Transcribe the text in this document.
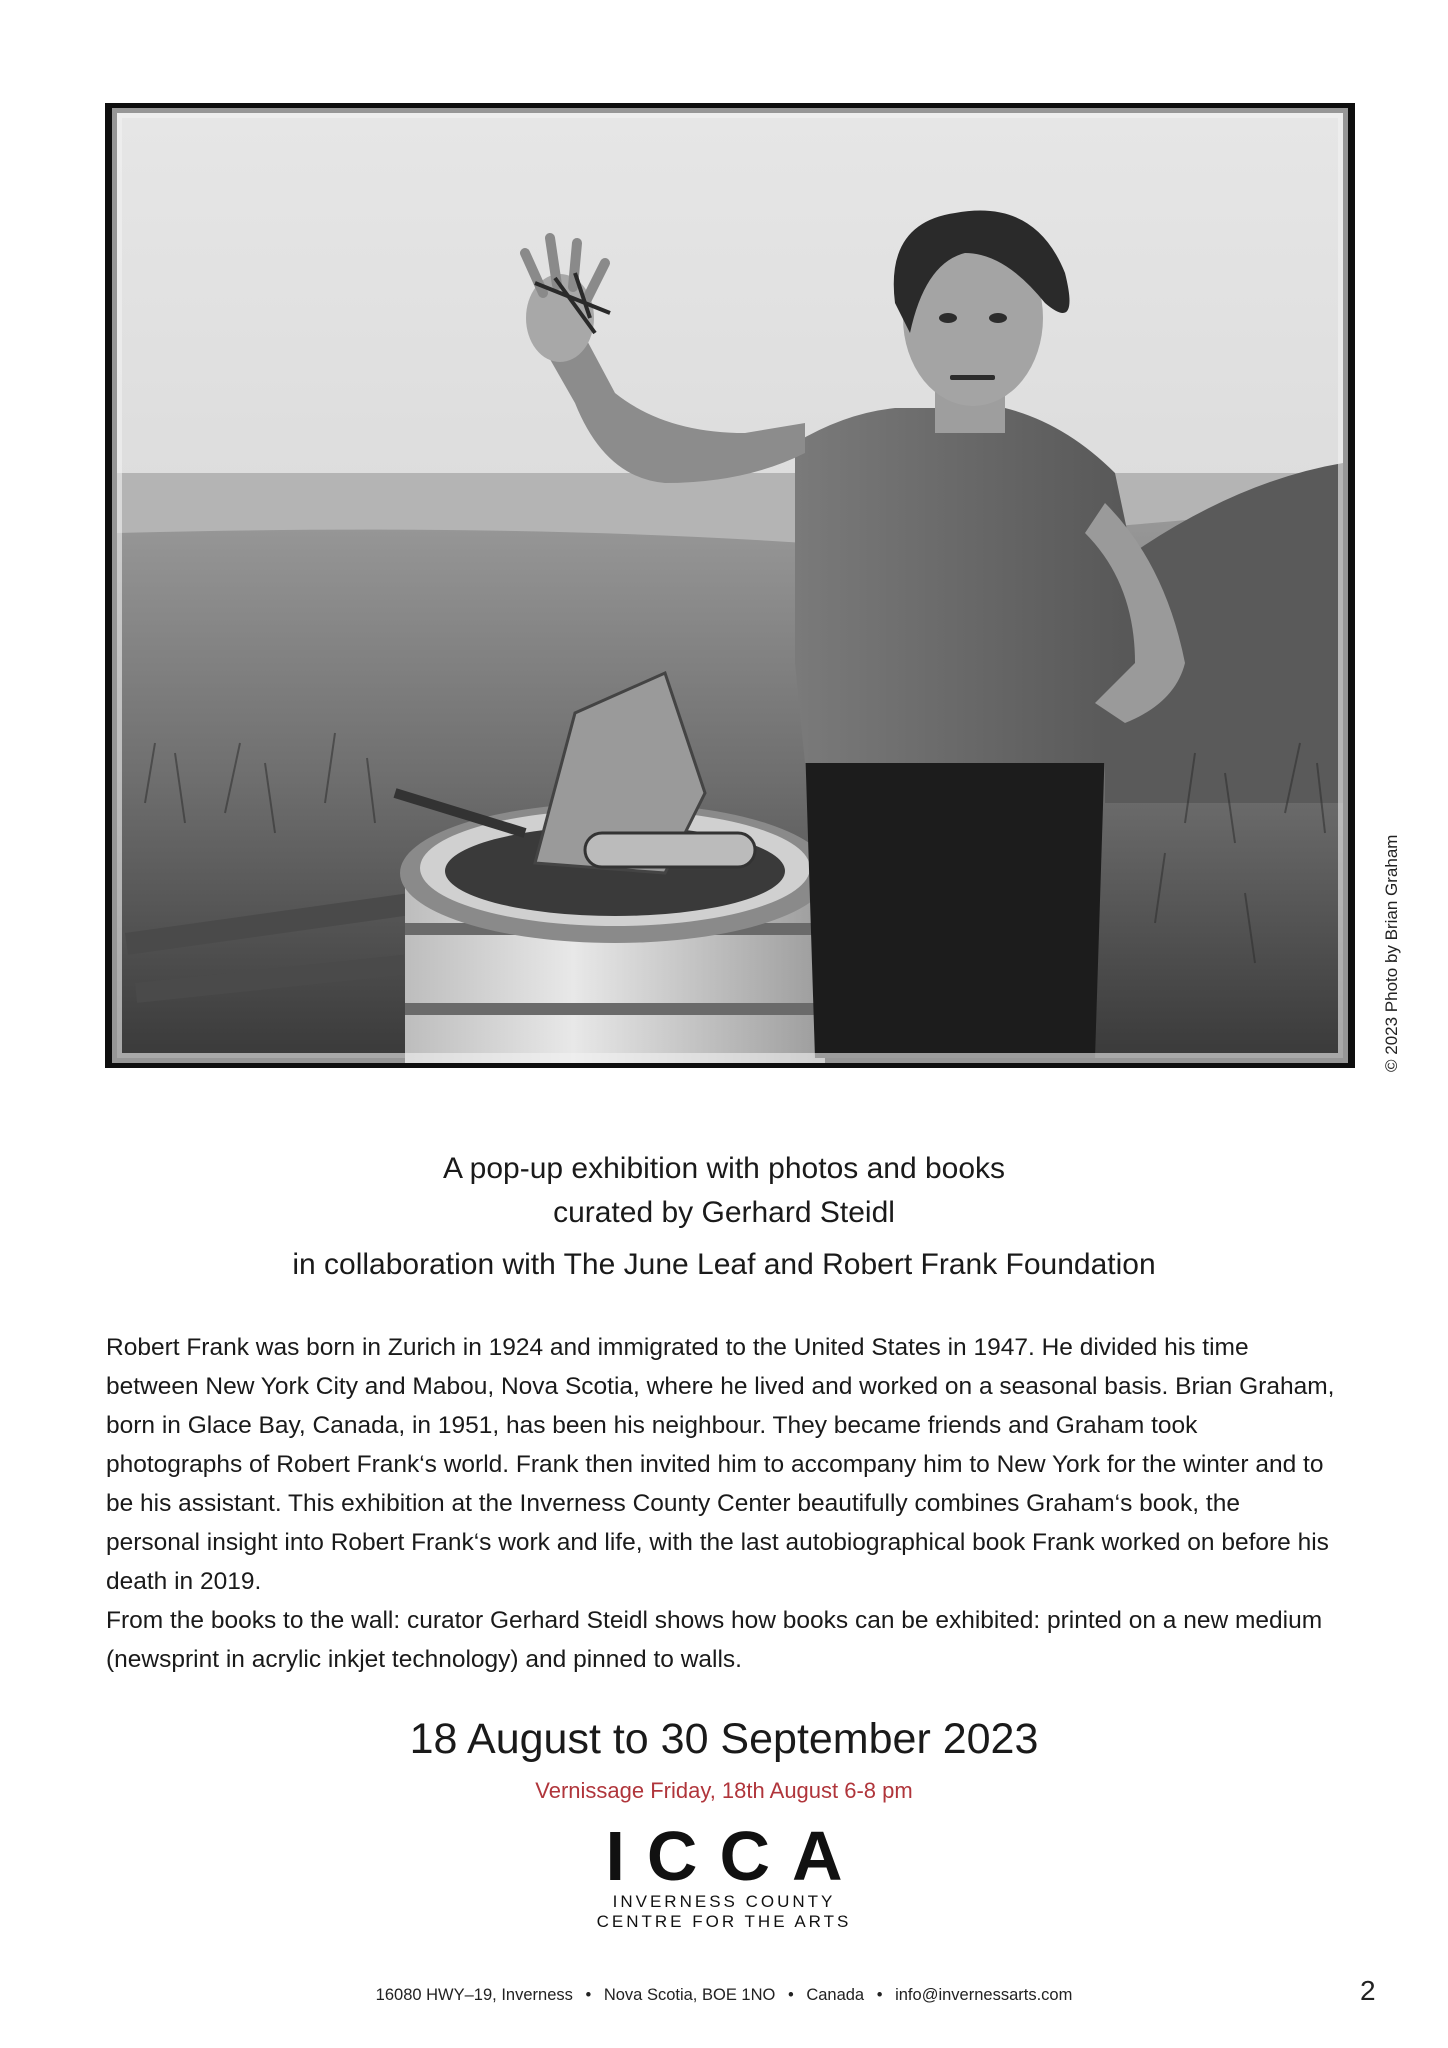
© 2023 Photo by Brian Graham
A pop-up exhibition with photos and books
curated by Gerhard Steidl
in collaboration with The June Leaf and Robert Frank Foundation

Robert Frank was born in Zurich in 1924 and immigrated to the United States in 1947. He divided his time between New York City and Mabou, Nova Scotia, where he lived and worked on a seasonal basis. Brian Graham, born in Glace Bay, Canada, in 1951, has been his neighbour. They became friends and Graham took photographs of Robert Frank‘s world. Frank then invited him to accompany him to New York for the winter and to be his assistant. This exhibition at the Inverness County Center beautifully combines Graham‘s book, the personal insight into Robert Frank‘s work and life, with the last autobiographical book Frank worked on before his death in 2019.

From the books to the wall: curator Gerhard Steidl shows how books can be exhibited: printed on a new medium (newsprint in acrylic inkjet technology) and pinned to walls.

18 August to 30 September 2023
Vernissage Friday, 18th August 6-8 pm
ICCA
INVERNESS COUNTY
CENTRE FOR THE ARTS
16080 HWY–19, Inverness • Nova Scotia, BOE 1NO • Canada • info@invernessarts.com	2
